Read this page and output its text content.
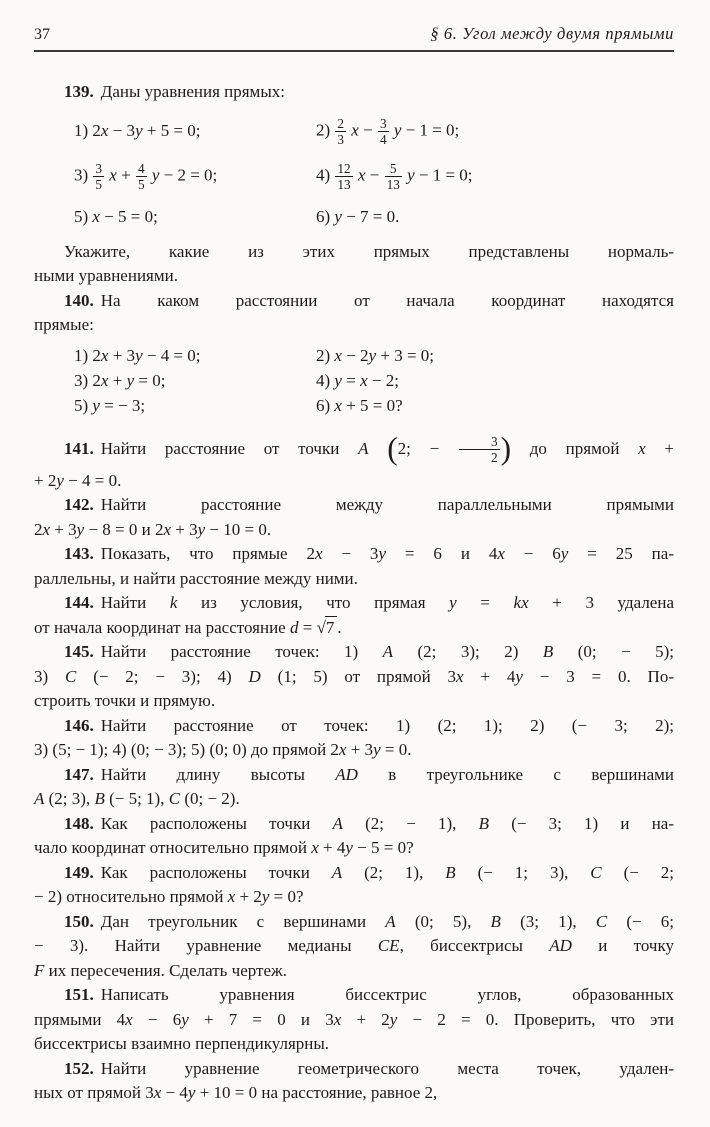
37	§ 6. Угол между двумя прямыми
139. Даны уравнения прямых:
1) 2x − 3y + 5 = 0;	$2) \frac{2}{3}$ $x - \frac{3}{4}$ y − 1 = 0;
$3) \frac{3}{5}$ $x + \frac{4}{5}$ y − 2 = 0;	$4) \frac{12}{13}$ $x - \frac{5}{13}$ y − 1 = 0;
5) x − 5 = 0;	6) y − 7 = 0.
Укажите, какие из этих прямых представлены нормаль-
ными уравнениями.
140. На каком расстоянии от начала координат находятся
прямые:
1) 2x + 3y − 4 = 0;	2) x − 2y + 3 = 0;
3) 2x + y = 0;	4) y = x − 2;
5) y = − 3;	6) x + 5 = 0?
141. Найти расстояние от точки A (2; − $\frac{3}{2}$ ) до прямой x +
+ 2y − 4 = 0.
142. Найти расстояние между параллельными прямыми
2x + 3y − 8 = 0 и 2x + 3y − 10 = 0.
143. Показать, что прямые 2x − 3y = 6 и 4x − 6y = 25 па-
раллельны, и найти расстояние между ними.
144. Найти k из условия, что прямая y = kx + 3 удалена
от начала координат на расстояние d = √7 .
145. Найти расстояние точек: 1) A (2; 3); 2) B (0; − 5);
3) C (− 2; − 3); 4) D (1; 5) от прямой 3x + 4y − 3 = 0. По-
строить точки и прямую.
146. Найти расстояние от точек: 1) (2; 1); 2) (− 3; 2);
3) (5; − 1); 4) (0; − 3); 5) (0; 0) до прямой 2x + 3y = 0.
147. Найти длину высоты AD в треугольнике с вершинами
A (2; 3), B (− 5; 1), C (0; − 2).
148. Как расположены точки A (2; − 1), B (− 3; 1) и на-
чало координат относительно прямой x + 4y − 5 = 0?
149. Как расположены точки A (2; 1), B (− 1; 3), C (− 2;
− 2) относительно прямой x + 2y = 0?
150. Дан треугольник с вершинами A (0; 5), B (3; 1), C (− 6;
− 3). Найти уравнение медианы CE, биссектрисы AD и точку
F их пересечения. Сделать чертеж.
151. Написать уравнения биссектрис углов, образованных
прямыми 4x − 6y + 7 = 0 и 3x + 2y − 2 = 0. Проверить, что эти
биссектрисы взаимно перпендикулярны.
152. Найти уравнение геометрического места точек, удален-
ных от прямой 3x − 4y + 10 = 0 на расстояние, равное 2,
